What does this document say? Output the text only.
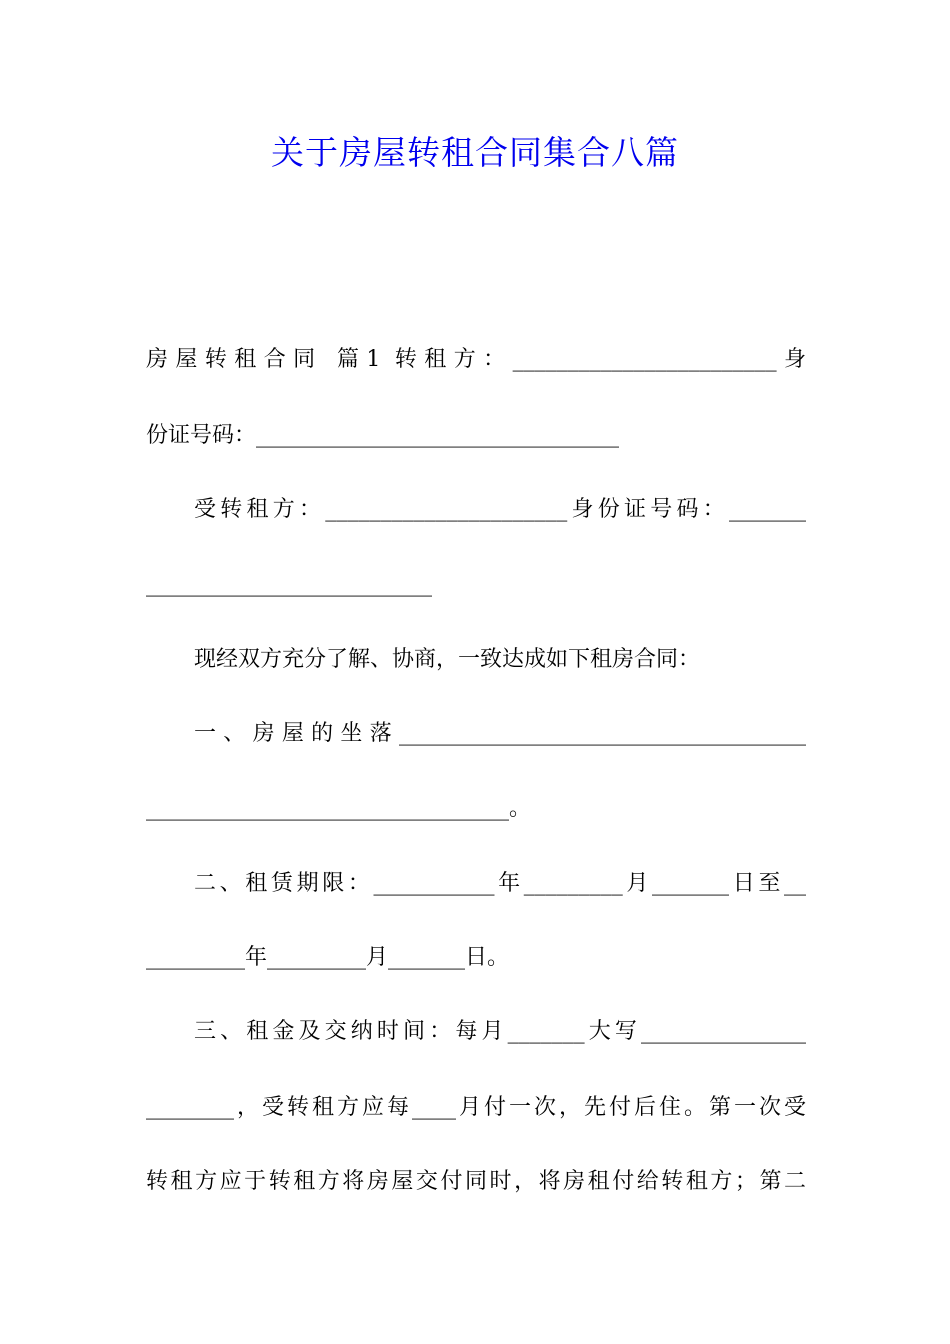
关于房屋转租合同集合八篇
房屋转租合同 篇1 转租方：________________________身
份证号码：_________________________________
受转租方：______________________身份证号码：_______
__________________________
现经双方充分了解、协商，一致达成如下租房合同：
一、房屋的坐落_____________________________________
_________________________________。
二、租赁期限：___________年_________月_______日至__
_________年_________月_______日。
三、租金及交纳时间：每月_______大写_______________
________，受转租方应每____月付一次，先付后住。第一次受
转租方应于转租方将房屋交付同时，将房租付给转租方；第二
